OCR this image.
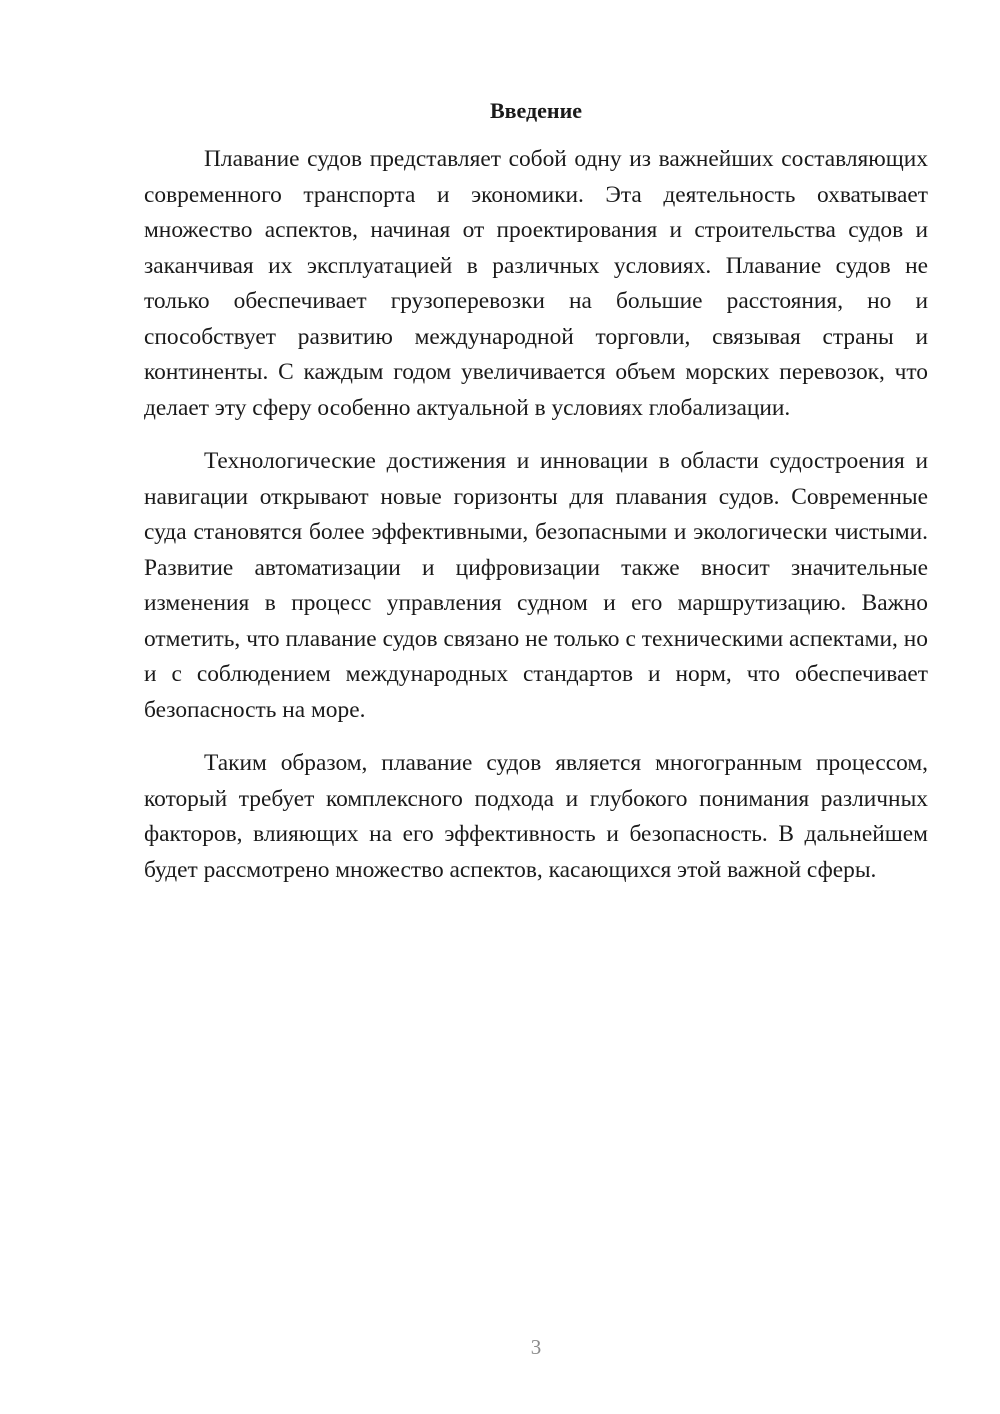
Введение

Плавание судов представляет собой одну из важнейших составляющих современного транспорта и экономики. Эта деятельность охватывает множество аспектов, начиная от проектирования и строительства судов и заканчивая их эксплуатацией в различных условиях. Плавание судов не только обеспечивает грузоперевозки на большие расстояния, но и способствует развитию международной торговли, связывая страны и континенты. С каждым годом увеличивается объем морских перевозок, что делает эту сферу особенно актуальной в условиях глобализации.

Технологические достижения и инновации в области судостроения и навигации открывают новые горизонты для плавания судов. Современные суда становятся более эффективными, безопасными и экологически чистыми. Развитие автоматизации и цифровизации также вносит значительные изменения в процесс управления судном и его маршрутизацию. Важно отметить, что плавание судов связано не только с техническими аспектами, но и с соблюдением международных стандартов и норм, что обеспечивает безопасность на море.

Таким образом, плавание судов является многогранным процессом, который требует комплексного подхода и глубокого понимания различных факторов, влияющих на его эффективность и безопасность. В дальнейшем будет рассмотрено множество аспектов, касающихся этой важной сферы.

3
